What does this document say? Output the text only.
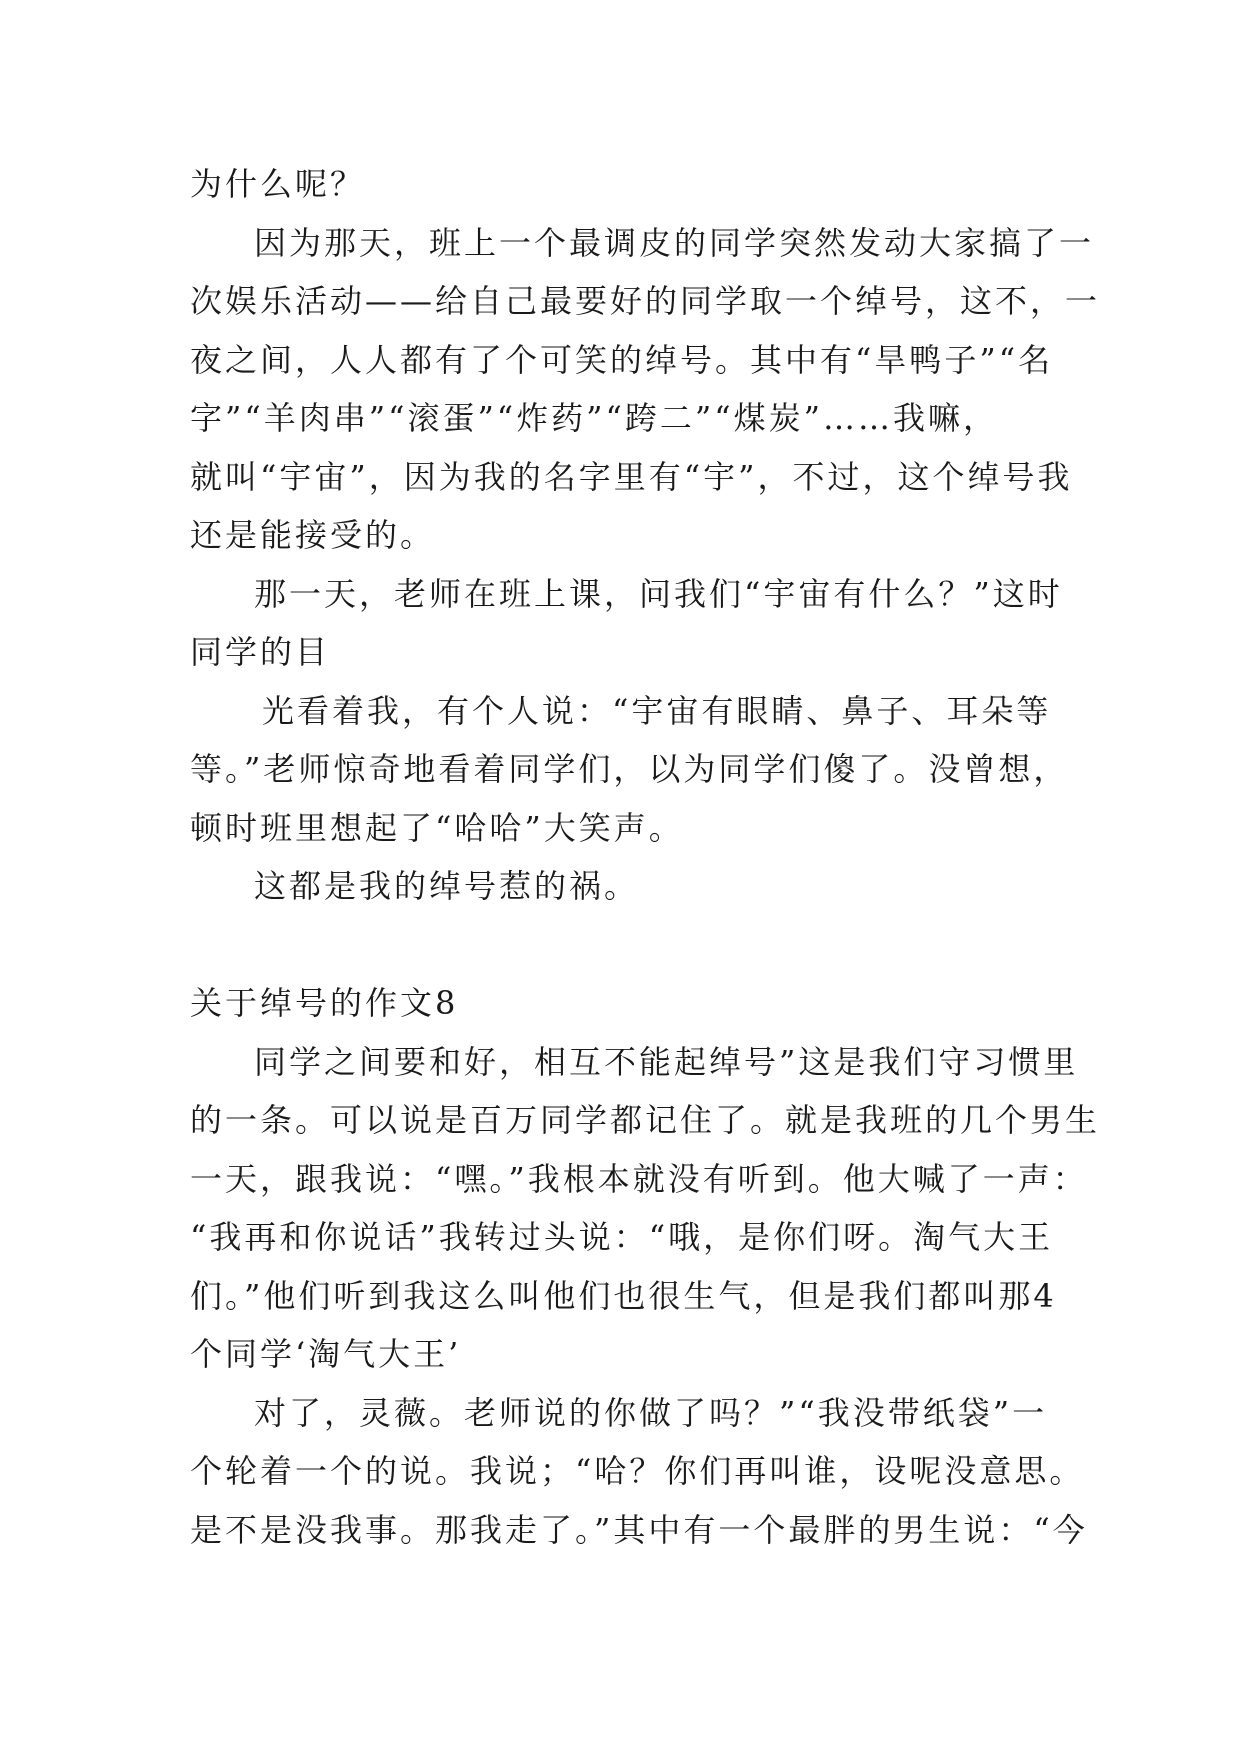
为什么呢？
因为那天，班上一个最调皮的同学突然发动大家搞了一
次娱乐活动——给自己最要好的同学取一个绰号，这不，一
夜之间，人人都有了个可笑的绰号。其中有“旱鸭子”“名
字”“羊肉串”“滚蛋”“炸药”“跨二”“煤炭”……我嘛，
就叫“宇宙”，因为我的名字里有“宇”，不过，这个绰号我
还是能接受的。
那一天，老师在班上课，问我们“宇宙有什么？”这时
同学的目
光看着我，有个人说：“宇宙有眼睛、鼻子、耳朵等
等。”老师惊奇地看着同学们，以为同学们傻了。没曾想，
顿时班里想起了“哈哈”大笑声。
这都是我的绰号惹的祸。
关于绰号的作文8
同学之间要和好，相互不能起绰号”这是我们守习惯里
的一条。可以说是百万同学都记住了。就是我班的几个男生
一天，跟我说：“嘿。”我根本就没有听到。他大喊了一声：
“我再和你说话”我转过头说：“哦，是你们呀。淘气大王
们。”他们听到我这么叫他们也很生气，但是我们都叫那4
个同学‘淘气大王’
对了，灵薇。老师说的你做了吗？”“我没带纸袋”一
个轮着一个的说。我说；“哈？你们再叫谁，设呢没意思。
是不是没我事。那我走了。”其中有一个最胖的男生说：“今
